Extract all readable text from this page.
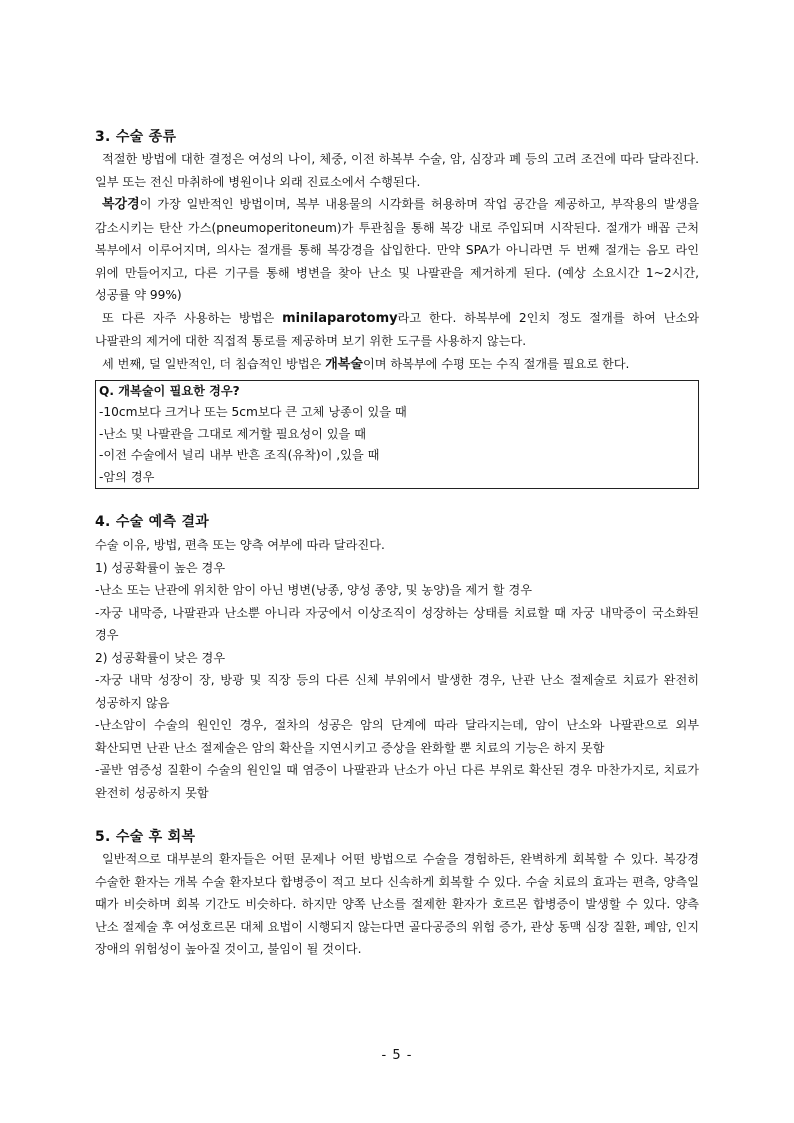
3. 수술 종류
적절한 방법에 대한 결정은 여성의 나이, 체중, 이전 하복부 수술, 암, 심장과 폐 등의 고려 조건에 따라 달라진다. 일부 또는 전신 마취하에 병원이나 외래 진료소에서 수행된다.
복강경이 가장 일반적인 방법이며, 복부 내용물의 시각화를 허용하며 작업 공간을 제공하고, 부작용의 발생을 감소시키는 탄산 가스(pneumoperitoneum)가 투관침을 통해 복강 내로 주입되며 시작된다. 절개가 배꼽 근처 복부에서 이루어지며, 의사는 절개를 통해 복강경을 삽입한다. 만약 SPA가 아니라면 두 번째 절개는 음모 라인 위에 만들어지고, 다른 기구를 통해 병변을 찾아 난소 및 나팔관을 제거하게 된다. (예상 소요시간 1~2시간, 성공률 약 99%)
또 다른 자주 사용하는 방법은 minilaparotomy라고 한다. 하복부에 2인치 정도 절개를 하여 난소와 나팔관의 제거에 대한 직접적 통로를 제공하며 보기 위한 도구를 사용하지 않는다.
세 번째, 덜 일반적인, 더 침습적인 방법은 개복술이며 하복부에 수평 또는 수직 절개를 필요로 한다.
Q. 개복술이 필요한 경우?
-10cm보다 크거나 또는 5cm보다 큰 고체 낭종이 있을 때
-난소 및 나팔관을 그대로 제거할 필요성이 있을 때
-이전 수술에서 널리 내부 반흔 조직(유착)이 ,있을 때
-암의 경우
4. 수술 예측 결과
수술 이유, 방법, 편측 또는 양측 여부에 따라 달라진다.
1) 성공확률이 높은 경우
-난소 또는 난관에 위치한 암이 아닌 병변(낭종, 양성 종양, 및 농양)을 제거 할 경우
-자궁 내막증, 나팔관과 난소뿐 아니라 자궁에서 이상조직이 성장하는 상태를 치료할 때 자궁 내막증이 국소화된 경우
2) 성공확률이 낮은 경우
-자궁 내막 성장이 장, 방광 및 직장 등의 다른 신체 부위에서 발생한 경우, 난관 난소 절제술로 치료가 완전히 성공하지 않음
-난소암이 수술의 원인인 경우, 절차의 성공은 암의 단계에 따라 달라지는데, 암이 난소와 나팔관으로 외부 확산되면 난관 난소 절제술은 암의 확산을 지연시키고 증상을 완화할 뿐 치료의 기능은 하지 못함
-골반 염증성 질환이 수술의 원인일 때 염증이 나팔관과 난소가 아닌 다른 부위로 확산된 경우 마찬가지로, 치료가 완전히 성공하지 못함
5. 수술 후 회복
일반적으로 대부분의 환자들은 어떤 문제나 어떤 방법으로 수술을 경험하든, 완벽하게 회복할 수 있다. 복강경 수술한 환자는 개복 수술 환자보다 합병증이 적고 보다 신속하게 회복할 수 있다. 수술 치료의 효과는 편측, 양측일 때가 비슷하며 회복 기간도 비슷하다. 하지만 양쪽 난소를 절제한 환자가 호르몬 합병증이 발생할 수 있다. 양측 난소 절제술 후 여성호르몬 대체 요법이 시행되지 않는다면 골다공증의 위험 증가, 관상 동맥 심장 질환, 폐암, 인지 장애의 위험성이 높아질 것이고, 불임이 될 것이다.
- 5 -
